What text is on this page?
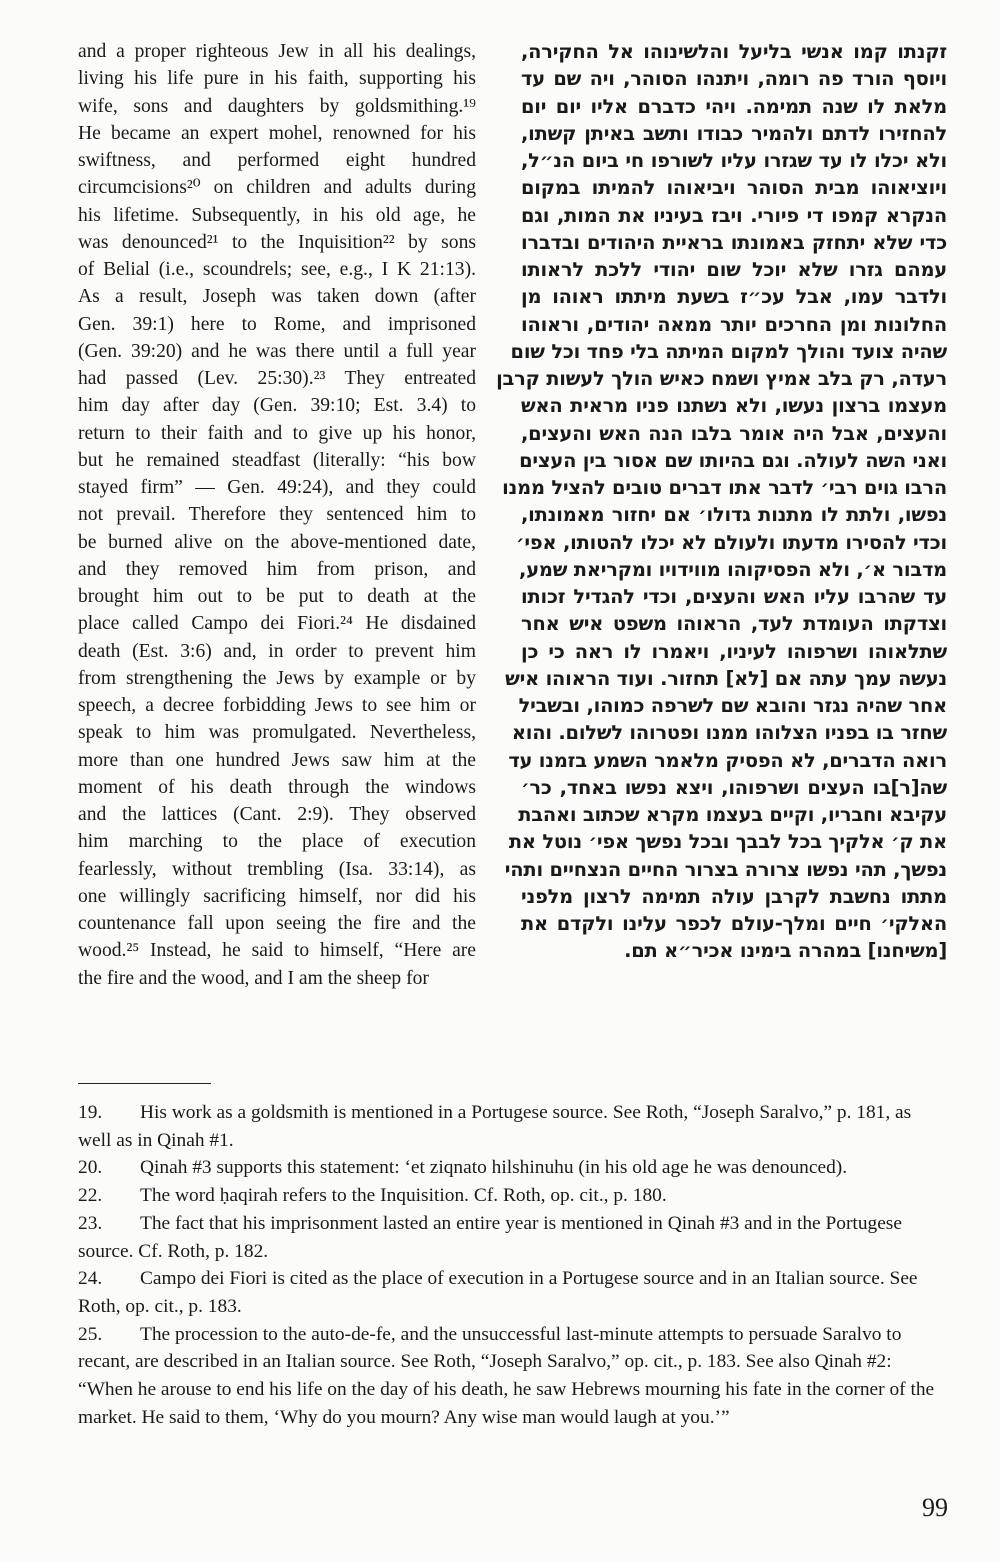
and a proper righteous Jew in all his dealings,
living his life pure in his faith, supporting his
wife, sons and daughters by goldsmithing.¹⁹
He became an expert mohel, renowned for his
swiftness, and performed eight hundred
circumcisions²⁰ on children and adults during
his lifetime. Subsequently, in his old age, he
was denounced²¹ to the Inquisition²² by sons
of Belial (i.e., scoundrels; see, e.g., I K 21:13).
As a result, Joseph was taken down (after
Gen. 39:1) here to Rome, and imprisoned
(Gen. 39:20) and he was there until a full year
had passed (Lev. 25:30).²³ They entreated
him day after day (Gen. 39:10; Est. 3.4) to
return to their faith and to give up his honor,
but he remained steadfast (literally: “his bow
stayed firm” — Gen. 49:24), and they could
not prevail. Therefore they sentenced him to
be burned alive on the above-mentioned date,
and they removed him from prison, and
brought him out to be put to death at the
place called Campo dei Fiori.²⁴ He disdained
death (Est. 3:6) and, in order to prevent him
from strengthening the Jews by example or by
speech, a decree forbidding Jews to see him or
speak to him was promulgated. Nevertheless,
more than one hundred Jews saw him at the
moment of his death through the windows
and the lattices (Cant. 2:9). They observed
him marching to the place of execution
fearlessly, without trembling (Isa. 33:14), as
one willingly sacrificing himself, nor did his
countenance fall upon seeing the fire and the
wood.²⁵ Instead, he said to himself, “Here are
the fire and the wood, and I am the sheep for
זקנתו קמו אנשי בליעל והלשינוהו אל החקירה,
ויוסף הורד פה רומה, ויתנהו הסוהר, ויה שם עד
מלאת לו שנה תמימה. ויהי כדברם אליו יום יום
להחזירו לדתם ולהמיר כבודו ותשב באיתן קשתו,
ולא יכלו לו עד שגזרו עליו לשורפו חי ביום הנ״ל,
ויוציאוהו מבית הסוהר ויביאוהו להמיתו במקום
הנקרא קמפו די פיורי. ויבז בעיניו את המות, וגם
כדי שלא יתחזק באמונתו בראיית היהודים ובדברו
עמהם גזרו שלא יוכל שום יהודי ללכת לראותו
ולדבר עמו, אבל עכ״ז בשעת מיתתו ראוהו מן
החלונות ומן החרכים יותר ממאה יהודים, וראוהו
שהיה צועד והולך למקום המיתה בלי פחד וכל שום
רעדה, רק בלב אמיץ ושמח כאיש הולך לעשות קרבן
מעצמו ברצון נעשו, ולא נשתנו פניו מראית האש
והעצים, אבל היה אומר בלבו הנה האש והעצים,
ואני השה לעולה. וגם בהיותו שם אסור בין העצים
הרבו גוים רבי׳ לדבר אתו דברים טובים להציל ממנו
נפשו, ולתת לו מתנות גדולו׳ אם יחזור מאמונתו,
וכדי להסירו מדעתו ולעולם לא יכלו להטותו, אפי׳
מדבור א׳, ולא הפסיקוהו מווידויו ומקריאת שמע,
עד שהרבו עליו האש והעצים, וכדי להגדיל זכותו
וצדקתו העומדת לעד, הראוהו משפט איש אחר
שתלאוהו ושרפוהו לעיניו, ויאמרו לו ראה כי כן
נעשה עמך עתה אם [לא] תחזור. ועוד הראוהו איש
אחר שהיה נגזר והובא שם לשרפה כמוהו, ובשביל
שחזר בו בפניו הצלוהו ממנו ופטרוהו לשלום. והוא
רואה הדברים, לא הפסיק מלאמר השמע בזמנו עד
שה[ר]בו העצים ושרפוהו, ויצא נפשו באחד, כר׳
עקיבא וחבריו, וקיים בעצמו מקרא שכתוב ואהבת
את ק׳ אלקיך בכל לבבך ובכל נפשך אפי׳ נוטל את
נפשך, תהי נפשו צרורה בצרור החיים הנצחיים ותהי
מתתו נחשבת לקרבן עולה תמימה לרצון מלפני
האלקי׳ חיים ומלך-עולם לכפר עלינו ולקדם את
[משיחנו] במהרה בימינו אכיר״א תם.
19. His work as a goldsmith is mentioned in a Portugese source. See Roth, “Joseph Saralvo,” p. 181, as well as in Qinah #1.
20. Qinah #3 supports this statement: ‘et ziqnato hilshinuhu (in his old age he was denounced).
22. The word ḥaqirah refers to the Inquisition. Cf. Roth, op. cit., p. 180.
23. The fact that his imprisonment lasted an entire year is mentioned in Qinah #3 and in the Portugese source. Cf. Roth, p. 182.
24. Campo dei Fiori is cited as the place of execution in a Portugese source and in an Italian source. See Roth, op. cit., p. 183.
25. The procession to the auto-de-fe, and the unsuccessful last-minute attempts to persuade Saralvo to recant, are described in an Italian source. See Roth, “Joseph Saralvo,” op. cit., p. 183. See also Qinah #2: “When he arouse to end his life on the day of his death, he saw Hebrews mourning his fate in the corner of the market. He said to them, ‘Why do you mourn? Any wise man would laugh at you.’”
99
